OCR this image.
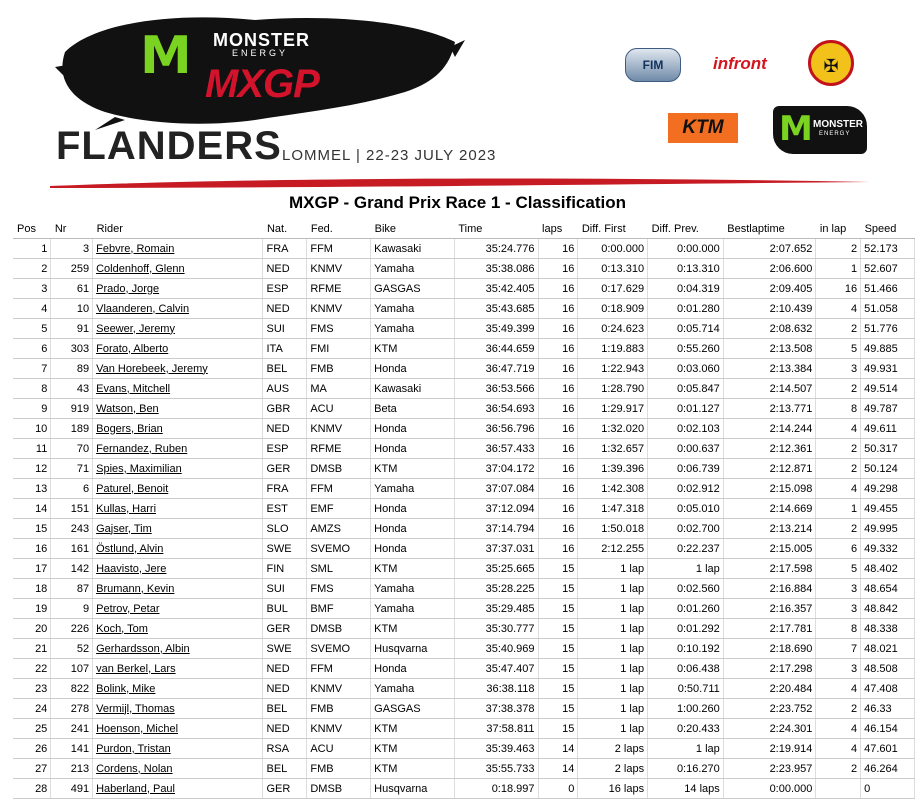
M MONSTER
ENERGY
MXGP
FLANDERS LOMMEL | 22-23 JULY 2023
FIM	infront	✠
KTM	M MONSTER
ENERGY
MXGP - Grand Prix Race 1 - Classification
Pos	Nr	Rider	Nat.	Fed.	Bike	Time	laps	Diff. First	Diff. Prev.	Bestlaptime	in lap	Speed
1	3	Febvre, Romain	FRA	FFM	Kawasaki	35:24.776	16	0:00.000	0:00.000	2:07.652	2	52.173
2	259	Coldenhoff, Glenn	NED	KNMV	Yamaha	35:38.086	16	0:13.310	0:13.310	2:06.600	1	52.607
3	61	Prado, Jorge	ESP	RFME	GASGAS	35:42.405	16	0:17.629	0:04.319	2:09.405	16	51.466
4	10	Vlaanderen, Calvin	NED	KNMV	Yamaha	35:43.685	16	0:18.909	0:01.280	2:10.439	4	51.058
5	91	Seewer, Jeremy	SUI	FMS	Yamaha	35:49.399	16	0:24.623	0:05.714	2:08.632	2	51.776
6	303	Forato, Alberto	ITA	FMI	KTM	36:44.659	16	1:19.883	0:55.260	2:13.508	5	49.885
7	89	Van Horebeek, Jeremy	BEL	FMB	Honda	36:47.719	16	1:22.943	0:03.060	2:13.384	3	49.931
8	43	Evans, Mitchell	AUS	MA	Kawasaki	36:53.566	16	1:28.790	0:05.847	2:14.507	2	49.514
9	919	Watson, Ben	GBR	ACU	Beta	36:54.693	16	1:29.917	0:01.127	2:13.771	8	49.787
10	189	Bogers, Brian	NED	KNMV	Honda	36:56.796	16	1:32.020	0:02.103	2:14.244	4	49.611
11	70	Fernandez, Ruben	ESP	RFME	Honda	36:57.433	16	1:32.657	0:00.637	2:12.361	2	50.317
12	71	Spies, Maximilian	GER	DMSB	KTM	37:04.172	16	1:39.396	0:06.739	2:12.871	2	50.124
13	6	Paturel, Benoit	FRA	FFM	Yamaha	37:07.084	16	1:42.308	0:02.912	2:15.098	4	49.298
14	151	Kullas, Harri	EST	EMF	Honda	37:12.094	16	1:47.318	0:05.010	2:14.669	1	49.455
15	243	Gajser, Tim	SLO	AMZS	Honda	37:14.794	16	1:50.018	0:02.700	2:13.214	2	49.995
16	161	Östlund, Alvin	SWE	SVEMO	Honda	37:37.031	16	2:12.255	0:22.237	2:15.005	6	49.332
17	142	Haavisto, Jere	FIN	SML	KTM	35:25.665	15	1 lap	1 lap	2:17.598	5	48.402
18	87	Brumann, Kevin	SUI	FMS	Yamaha	35:28.225	15	1 lap	0:02.560	2:16.884	3	48.654
19	9	Petrov, Petar	BUL	BMF	Yamaha	35:29.485	15	1 lap	0:01.260	2:16.357	3	48.842
20	226	Koch, Tom	GER	DMSB	KTM	35:30.777	15	1 lap	0:01.292	2:17.781	8	48.338
21	52	Gerhardsson, Albin	SWE	SVEMO	Husqvarna	35:40.969	15	1 lap	0:10.192	2:18.690	7	48.021
22	107	van Berkel, Lars	NED	FFM	Honda	35:47.407	15	1 lap	0:06.438	2:17.298	3	48.508
23	822	Bolink, Mike	NED	KNMV	Yamaha	36:38.118	15	1 lap	0:50.711	2:20.484	4	47.408
24	278	Vermijl, Thomas	BEL	FMB	GASGAS	37:38.378	15	1 lap	1:00.260	2:23.752	2	46.33
25	241	Hoenson, Michel	NED	KNMV	KTM	37:58.811	15	1 lap	0:20.433	2:24.301	4	46.154
26	141	Purdon, Tristan	RSA	ACU	KTM	35:39.463	14	2 laps	1 lap	2:19.914	4	47.601
27	213	Cordens, Nolan	BEL	FMB	KTM	35:55.733	14	2 laps	0:16.270	2:23.957	2	46.264
28	491	Haberland, Paul	GER	DMSB	Husqvarna	0:18.997	0	16 laps	14 laps	0:00.000		0
